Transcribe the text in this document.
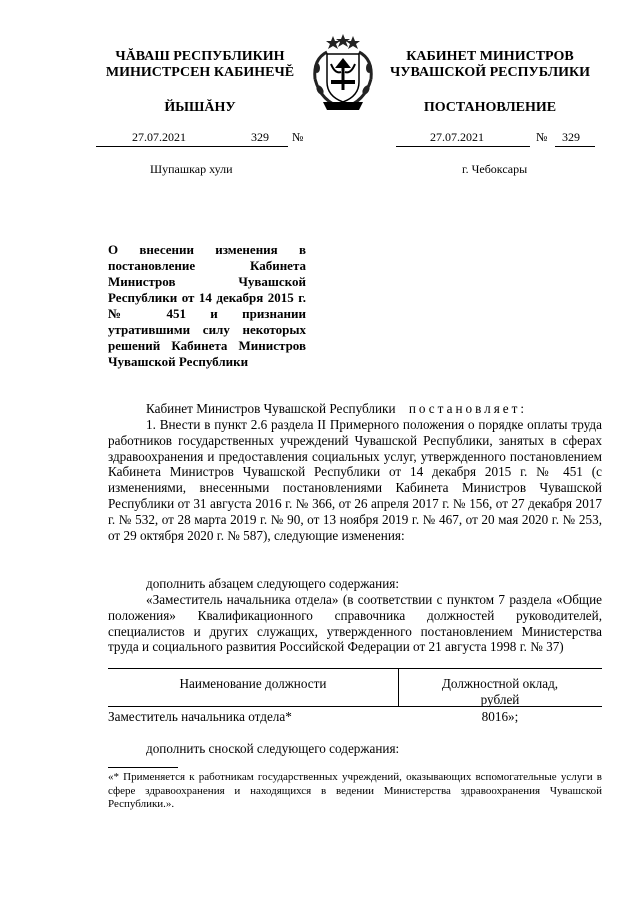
ЧĂВАШ РЕСПУБЛИКИН
МИНИСТРСЕН КАБИНЕЧĔ
ЙЫШĂНУ
КАБИНЕТ МИНИСТРОВ
ЧУВАШСКОЙ РЕСПУБЛИКИ
ПОСТАНОВЛЕНИЕ
27.07.2021	329 №	27.07.2021	№ 329
Шупашкар хули	г. Чебоксары
О внесении изменения в постановление Кабинета Министров Чувашской Республики от 14 декабря 2015 г. № 451 и признании утратившими силу некоторых решений Кабинета Министров Чувашской Республики
Кабинет Министров Чувашской Республики постановляет:
1. Внести в пункт 2.6 раздела II Примерного положения о порядке оплаты труда работников государственных учреждений Чувашской Республики, занятых в сферах здравоохранения и предоставления социальных услуг, утвержденного постановлением Кабинета Министров Чувашской Республики от 14 декабря 2015 г. № 451 (с изменениями, внесенными постановлениями Кабинета Министров Чувашской Республики от 31 августа 2016 г. № 366, от 26 апреля 2017 г. № 156, от 27 декабря 2017 г. № 532, от 28 марта 2019 г. № 90, от 13 ноября 2019 г. № 467, от 20 мая 2020 г. № 253, от 29 октября 2020 г. № 587), следующие изменения:
дополнить абзацем следующего содержания:
«Заместитель начальника отдела» (в соответствии с пунктом 7 раздела «Общие положения» Квалификационного справочника должностей руководителей, специалистов и других служащих, утвержденного постановлением Министерства труда и социального развития Российской Федерации от 21 августа 1998 г. № 37)
Наименование должности	Должностной оклад,
рублей
Заместитель начальника отдела*	8016»;
дополнить сноской следующего содержания:
«* Применяется к работникам государственных учреждений, оказывающих вспомогательные услуги в сфере здравоохранения и находящихся в ведении Министерства здравоохранения Чувашской Республики.».
